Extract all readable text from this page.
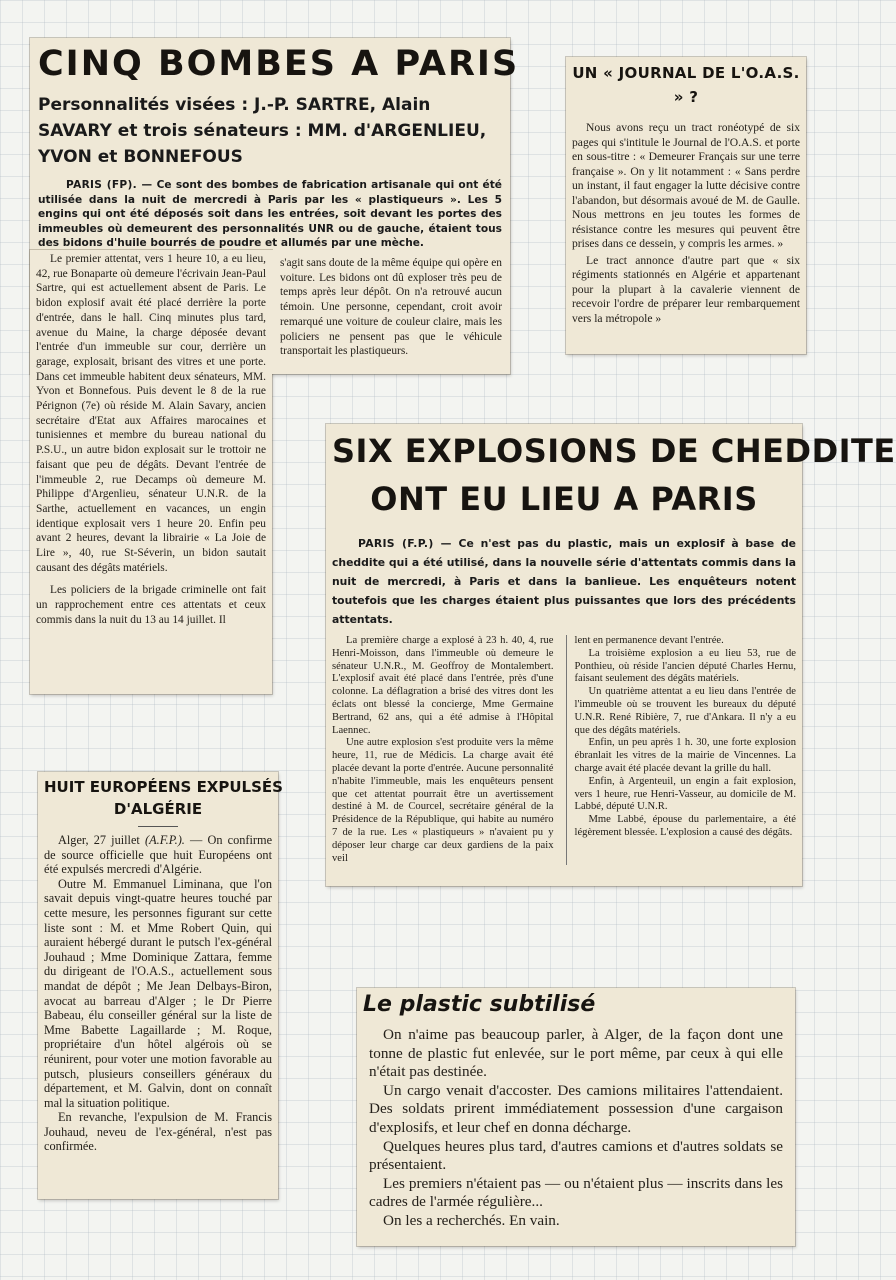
CINQ BOMBES A PARIS
Personnalités visées : J.-P. SARTRE, Alain SAVARY et trois sénateurs : MM. d'ARGENLIEU, YVON et BONNEFOUS

PARIS (FP). — Ce sont des bombes de fabrication artisanale qui ont été utilisée dans la nuit de mercredi à Paris par les « plastiqueurs ». Les 5 engins qui ont été déposés soit dans les entrées, soit devant les portes des immeubles où demeurent des personnalités UNR ou de gauche, étaient tous des bidons d'huile bourrés de poudre et allumés par une mèche.

Le premier attentat, vers 1 heure 10, a eu lieu, 42, rue Bonaparte où demeure l'écrivain Jean-Paul Sartre, qui est actuellement absent de Paris. Le bidon explosif avait été placé derrière la porte d'entrée, dans le hall. Cinq minutes plus tard, avenue du Maine, la charge déposée devant l'entrée d'un immeuble sur cour, derrière un garage, explosait, brisant des vitres et une porte. Dans cet immeuble habitent deux sénateurs, MM. Yvon et Bonnefous. Puis devent le 8 de la rue Pérignon (7e) où réside M. Alain Savary, ancien secrétaire d'Etat aux Affaires marocaines et tunisiennes et membre du bureau national du P.S.U., un autre bidon explosait sur le trottoir ne faisant que peu de dégâts. Devant l'entrée de l'immeuble 2, rue Decamps où demeure M. Philippe d'Argenlieu, sénateur U.N.R. de la Sarthe, actuellement en vacances, un engin identique explosait vers 1 heure 20. Enfin peu avant 2 heures, devant la librairie « La Joie de Lire », 40, rue St-Séverin, un bidon sautait causant des dégâts matériels.

Les policiers de la brigade criminelle ont fait un rapprochement entre ces attentats et ceux commis dans la nuit du 13 au 14 juillet. Il

s'agit sans doute de la même équipe qui opère en voiture. Les bidons ont dû exploser très peu de temps après leur dépôt. On n'a retrouvé aucun témoin. Une personne, cependant, croit avoir remarqué une voiture de couleur claire, mais les policiers ne pensent pas que le véhicule transportait les plastiqueurs.

UN « JOURNAL DE L'O.A.S. » ?

Nous avons reçu un tract ronéotypé de six pages qui s'intitule le Journal de l'O.A.S. et porte en sous-titre : « Demeurer Français sur une terre française ». On y lit notamment : « Sans perdre un instant, il faut engager la lutte décisive contre l'abandon, but désormais avoué de M. de Gaulle. Nous mettrons en jeu toutes les formes de résistance contre les mesures qui peuvent être prises dans ce dessein, y compris les armes. »

Le tract annonce d'autre part que « six régiments stationnés en Algérie et appartenant pour la plupart à la cavalerie viennent de recevoir l'ordre de préparer leur rembarquement vers la métropole »

SIX EXPLOSIONS DE CHEDDITE
ONT EU LIEU A PARIS

PARIS (F.P.) — Ce n'est pas du plastic, mais un explosif à base de cheddite qui a été utilisé, dans la nouvelle série d'attentats commis dans la nuit de mercredi, à Paris et dans la banlieue. Les enquêteurs notent toutefois que les charges étaient plus puissantes que lors des précédents attentats.

La première charge a explosé à 23 h. 40, 4, rue Henri-Moisson, dans l'immeuble où demeure le sénateur U.N.R., M. Geoffroy de Montalembert. L'explosif avait été placé dans l'entrée, près d'une colonne. La déflagration a brisé des vitres dont les éclats ont blessé la concierge, Mme Germaine Bertrand, 62 ans, qui a été admise à l'Hôpital Laennec.

Une autre explosion s'est produite vers la même heure, 11, rue de Médicis. La charge avait été placée devant la porte d'entrée. Aucune personnalité n'habite l'immeuble, mais les enquêteurs pensent que cet attentat pourrait être un avertissement destiné à M. de Courcel, secrétaire général de la Présidence de la République, qui habite au numéro 7 de la rue. Les « plastiqueurs » n'avaient pu y déposer leur charge car deux gardiens de la paix veil

lent en permanence devant l'entrée.

La troisième explosion a eu lieu 53, rue de Ponthieu, où réside l'ancien député Charles Hernu, faisant seulement des dégâts matériels.

Un quatrième attentat a eu lieu dans l'entrée de l'immeuble où se trouvent les bureaux du député U.N.R. René Ribière, 7, rue d'Ankara. Il n'y a eu que des dégâts matériels.

Enfin, un peu après 1 h. 30, une forte explosion ébranlait les vitres de la mairie de Vincennes. La charge avait été placée devant la grille du hall.

Enfin, à Argenteuil, un engin a fait explosion, vers 1 heure, rue Henri-Vasseur, au domicile de M. Labbé, député U.N.R.

Mme Labbé, épouse du parlementaire, a été légèrement blessée. L'explosion a causé des dégâts.

HUIT EUROPÉENS EXPULSÉS
D'ALGÉRIE

Alger, 27 juillet (A.F.P.). — On confirme de source officielle que huit Européens ont été expulsés mercredi d'Algérie.

Outre M. Emmanuel Liminana, que l'on savait depuis vingt-quatre heures touché par cette mesure, les personnes figurant sur cette liste sont : M. et Mme Robert Quin, qui auraient hébergé durant le putsch l'ex-général Jouhaud ; Mme Dominique Zattara, femme du dirigeant de l'O.A.S., actuellement sous mandat de dépôt ; Me Jean Delbays-Biron, avocat au barreau d'Alger ; le Dr Pierre Babeau, élu conseiller général sur la liste de Mme Babette Lagaillarde ; M. Roque, propriétaire d'un hôtel algérois où se réunirent, pour voter une motion favorable au putsch, plusieurs conseillers généraux du département, et M. Galvin, dont on connaît mal la situation politique.

En revanche, l'expulsion de M. Francis Jouhaud, neveu de l'ex-général, n'est pas confirmée.

Le plastic subtilisé

On n'aime pas beaucoup parler, à Alger, de la façon dont une tonne de plastic fut enlevée, sur le port même, par ceux à qui elle n'était pas destinée.

Un cargo venait d'accoster. Des camions militaires l'attendaient. Des soldats prirent immédiatement possession d'une cargaison d'explosifs, et leur chef en donna décharge.

Quelques heures plus tard, d'autres camions et d'autres soldats se présentaient.

Les premiers n'étaient pas — ou n'étaient plus — inscrits dans les cadres de l'armée régulière...

On les a recherchés. En vain.
